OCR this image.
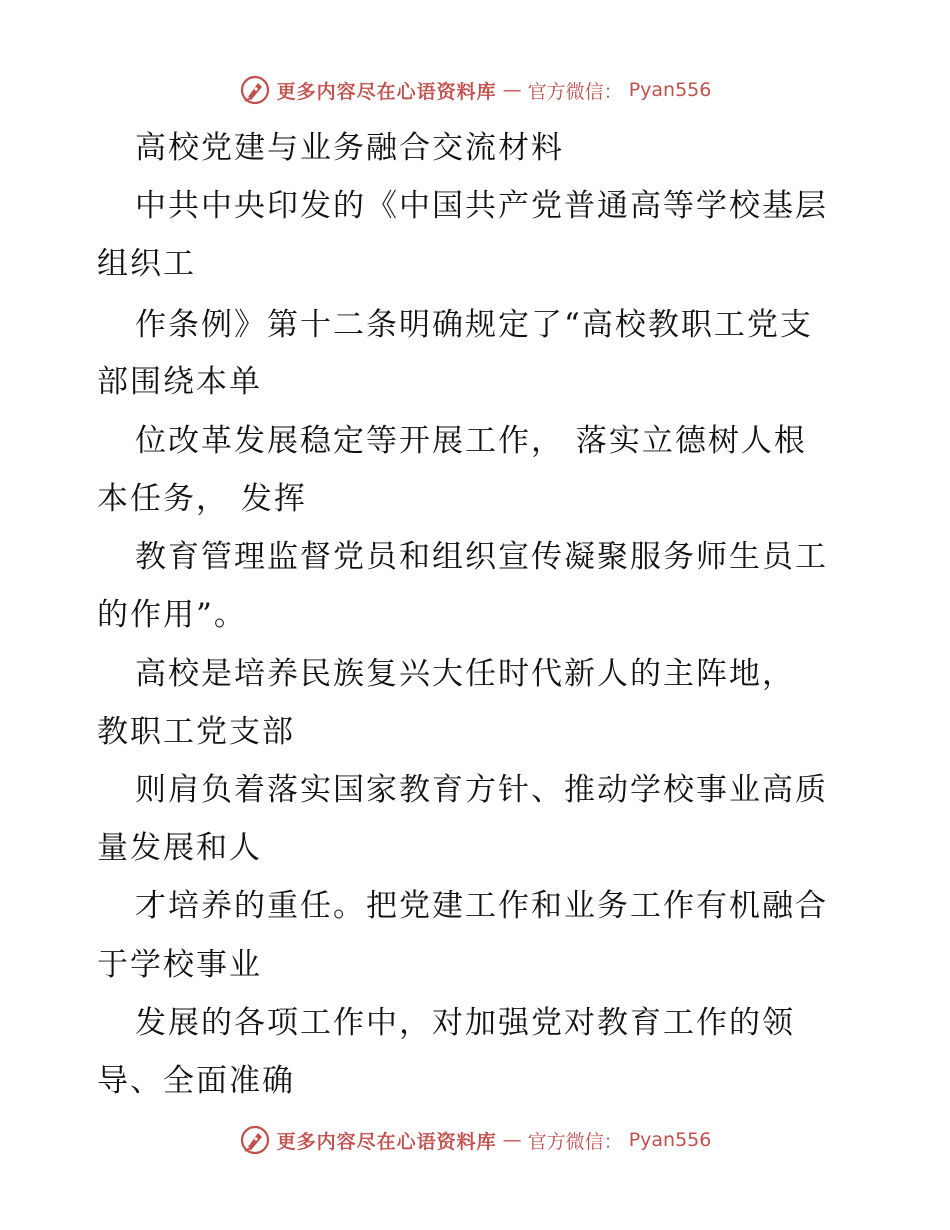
更多内容尽在心语资料库 — 官方微信： Pyan556
高校党建与业务融合交流材料
中共中央印发的《中国共产党普通高等学校基层
组织工
作条例》第十二条明确规定了“高校教职工党支
部围绕本单
位改革发展稳定等开展工作， 落实立德树人根
本任务， 发挥
教育管理监督党员和组织宣传凝聚服务师生员工
的作用”。
高校是培养民族复兴大任时代新人的主阵地，
教职工党支部
则肩负着落实国家教育方针、推动学校事业高质
量发展和人
才培养的重任。把党建工作和业务工作有机融合
于学校事业
发展的各项工作中，对加强党对教育工作的领
导、全面准确
更多内容尽在心语资料库 — 官方微信： Pyan556
